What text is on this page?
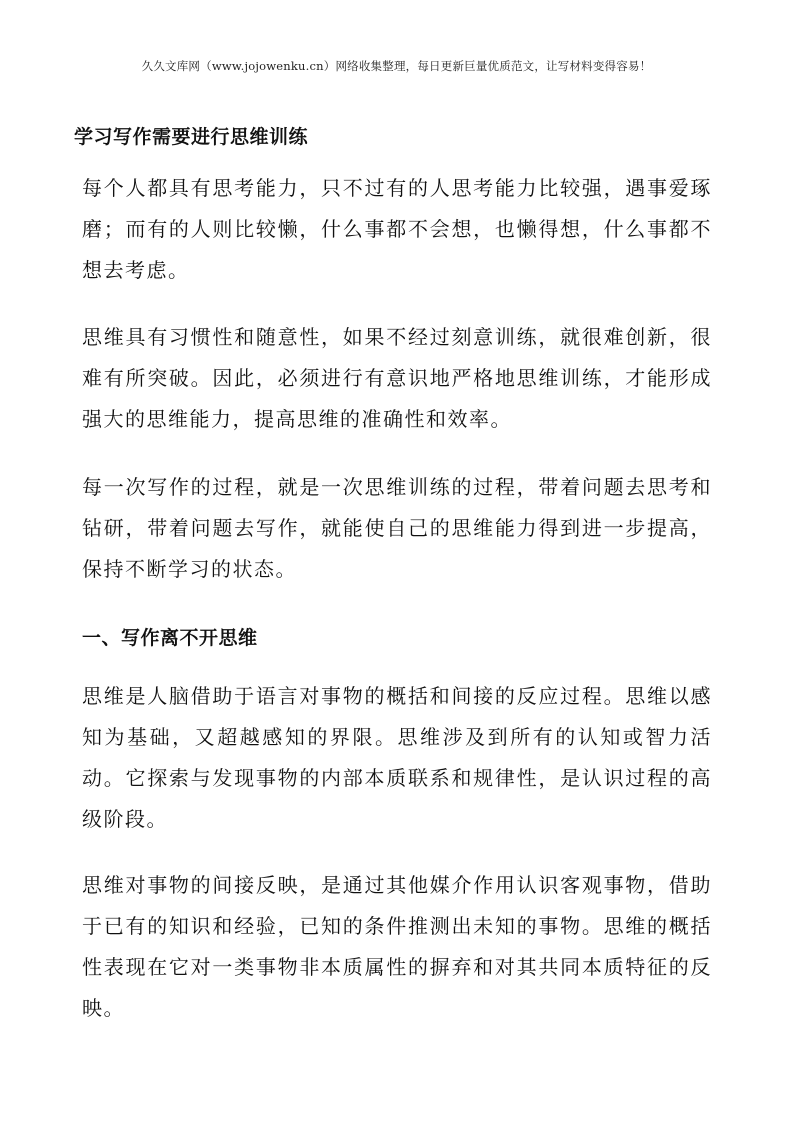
久久文库网（www.jojowenku.cn）网络收集整理，每日更新巨量优质范文，让写材料变得容易！
学习写作需要进行思维训练

每个人都具有思考能力，只不过有的人思考能力比较强，遇事爱琢磨；而有的人则比较懒，什么事都不会想，也懒得想，什么事都不想去考虑。

思维具有习惯性和随意性，如果不经过刻意训练，就很难创新，很难有所突破。因此，必须进行有意识地严格地思维训练，才能形成强大的思维能力，提高思维的准确性和效率。

每一次写作的过程，就是一次思维训练的过程，带着问题去思考和钻研，带着问题去写作，就能使自己的思维能力得到进一步提高，保持不断学习的状态。

一、写作离不开思维

思维是人脑借助于语言对事物的概括和间接的反应过程。思维以感知为基础，又超越感知的界限。思维涉及到所有的认知或智力活动。它探索与发现事物的内部本质联系和规律性，是认识过程的高级阶段。

思维对事物的间接反映，是通过其他媒介作用认识客观事物，借助于已有的知识和经验，已知的条件推测出未知的事物。思维的概括性表现在它对一类事物非本质属性的摒弃和对其共同本质特征的反映。
